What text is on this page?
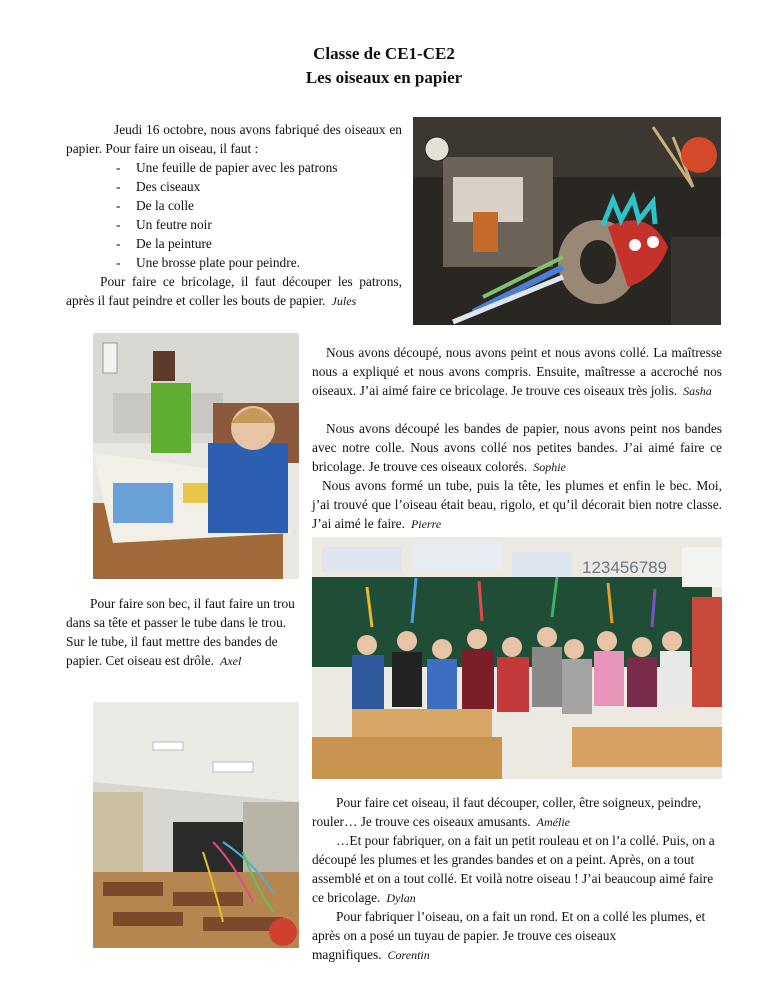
Classe de CE1-CE2
Les oiseaux en papier
Jeudi 16 octobre, nous avons fabriqué des oiseaux en papier. Pour faire un oiseau, il faut :
- Une feuille de papier avec les patrons
- Des ciseaux
- De la colle
- Un feutre noir
- De la peinture
- Une brosse plate pour peindre.
Pour faire ce bricolage, il faut découper les patrons, après il faut peindre et coller les bouts de papier. Jules
Nous avons découpé, nous avons peint et nous avons collé. La maîtresse nous a expliqué et nous avons compris. Ensuite, maîtresse a accroché nos oiseaux. J’ai aimé faire ce bricolage. Je trouve ces oiseaux très jolis. Sasha
Nous avons découpé les bandes de papier, nous avons peint nos bandes avec notre colle. Nous avons collé nos petites bandes. J’ai aimé faire ce bricolage. Je trouve ces oiseaux colorés. Sophie
Nous avons formé un tube, puis la tête, les plumes et enfin le bec. Moi, j’ai trouvé que l’oiseau était beau, rigolo, et qu’il décorait bien notre classe. J’ai aimé le faire. Pierre
123456789
Pour faire son bec, il faut faire un trou dans sa tête et passer le tube dans le trou. Sur le tube, il faut mettre des bandes de papier. Cet oiseau est drôle. Axel
Pour faire cet oiseau, il faut découper, coller, être soigneux, peindre, rouler… Je trouve ces oiseaux amusants. Amélie
…Et pour fabriquer, on a fait un petit rouleau et on l’a collé. Puis, on a découpé les plumes et les grandes bandes et on a peint. Après, on a tout assemblé et on a tout collé. Et voilà notre oiseau ! J’ai beaucoup aimé faire ce bricolage. Dylan
Pour fabriquer l’oiseau, on a fait un rond. Et on a collé les plumes, et après on a posé un tuyau de papier. Je trouve ces oiseaux magnifiques. Corentin
